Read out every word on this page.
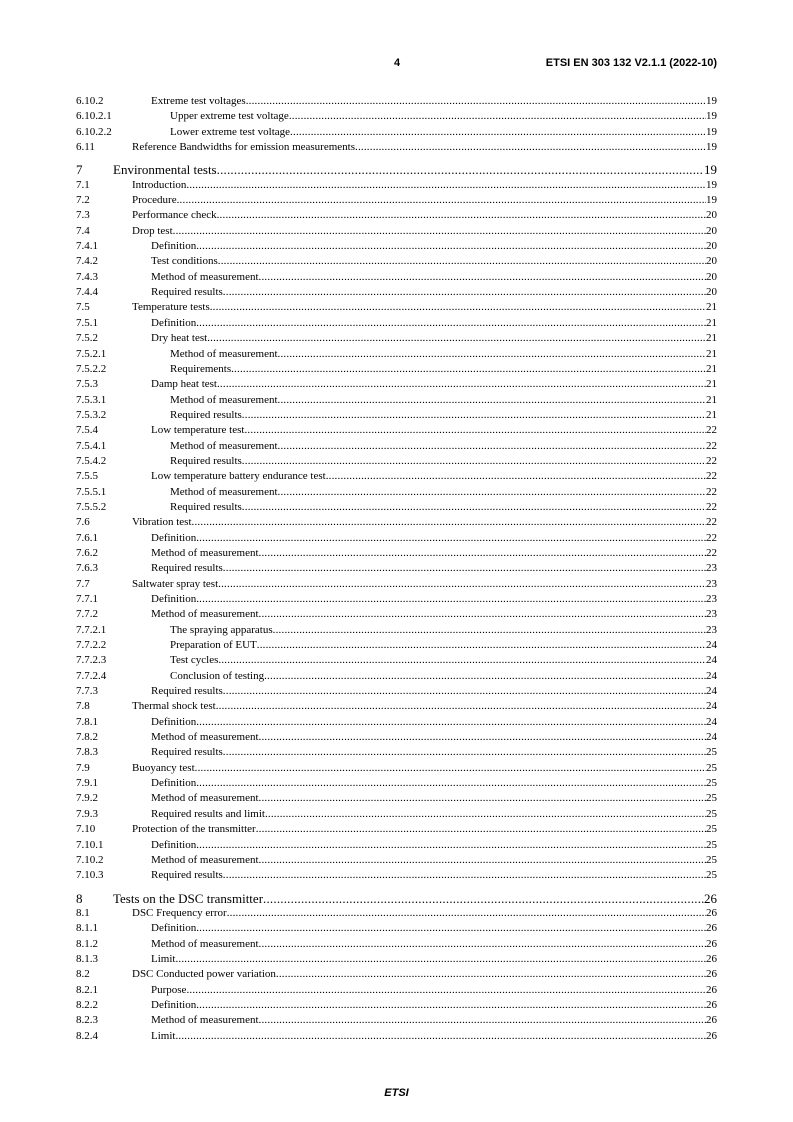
4	ETSI EN 303 132 V2.1.1 (2022-10)
6.10.2	Extreme test voltages .....	19
6.10.2.1	Upper extreme test voltage .....	19
6.10.2.2	Lower extreme test voltage .....	19
6.11	Reference Bandwidths for emission measurements .....	19
7 Environmental tests .....	19
7.1	Introduction .....	19
7.2	Procedure .....	19
7.3	Performance check .....	20
7.4	Drop test .....	20
7.4.1	Definition .....	20
7.4.2	Test conditions .....	20
7.4.3	Method of measurement .....	20
7.4.4	Required results .....	20
7.5	Temperature tests .....	21
7.5.1	Definition .....	21
7.5.2	Dry heat test .....	21
7.5.2.1	Method of measurement .....	21
7.5.2.2	Requirements .....	21
7.5.3	Damp heat test .....	21
7.5.3.1	Method of measurement .....	21
7.5.3.2	Required results .....	21
7.5.4	Low temperature test .....	22
7.5.4.1	Method of measurement .....	22
7.5.4.2	Required results .....	22
7.5.5	Low temperature battery endurance test .....	22
7.5.5.1	Method of measurement .....	22
7.5.5.2	Required results .....	22
7.6	Vibration test .....	22
7.6.1	Definition .....	22
7.6.2	Method of measurement .....	22
7.6.3	Required results .....	23
7.7	Saltwater spray test .....	23
7.7.1	Definition .....	23
7.7.2	Method of measurement .....	23
7.7.2.1	The spraying apparatus .....	23
7.7.2.2	Preparation of EUT .....	24
7.7.2.3	Test cycles .....	24
7.7.2.4	Conclusion of testing .....	24
7.7.3	Required results .....	24
7.8	Thermal shock test .....	24
7.8.1	Definition .....	24
7.8.2	Method of measurement .....	24
7.8.3	Required results .....	25
7.9	Buoyancy test .....	25
7.9.1	Definition .....	25
7.9.2	Method of measurement .....	25
7.9.3	Required results and limit .....	25
7.10	Protection of the transmitter .....	25
7.10.1	Definition .....	25
7.10.2	Method of measurement .....	25
7.10.3	Required results .....	25
8 Tests on the DSC transmitter .....	26
8.1	DSC Frequency error .....	26
8.1.1	Definition .....	26
8.1.2	Method of measurement .....	26
8.1.3	Limit .....	26
8.2	DSC Conducted power variation .....	26
8.2.1	Purpose .....	26
8.2.2	Definition .....	26
8.2.3	Method of measurement .....	26
8.2.4	Limit .....	26
ETSI
